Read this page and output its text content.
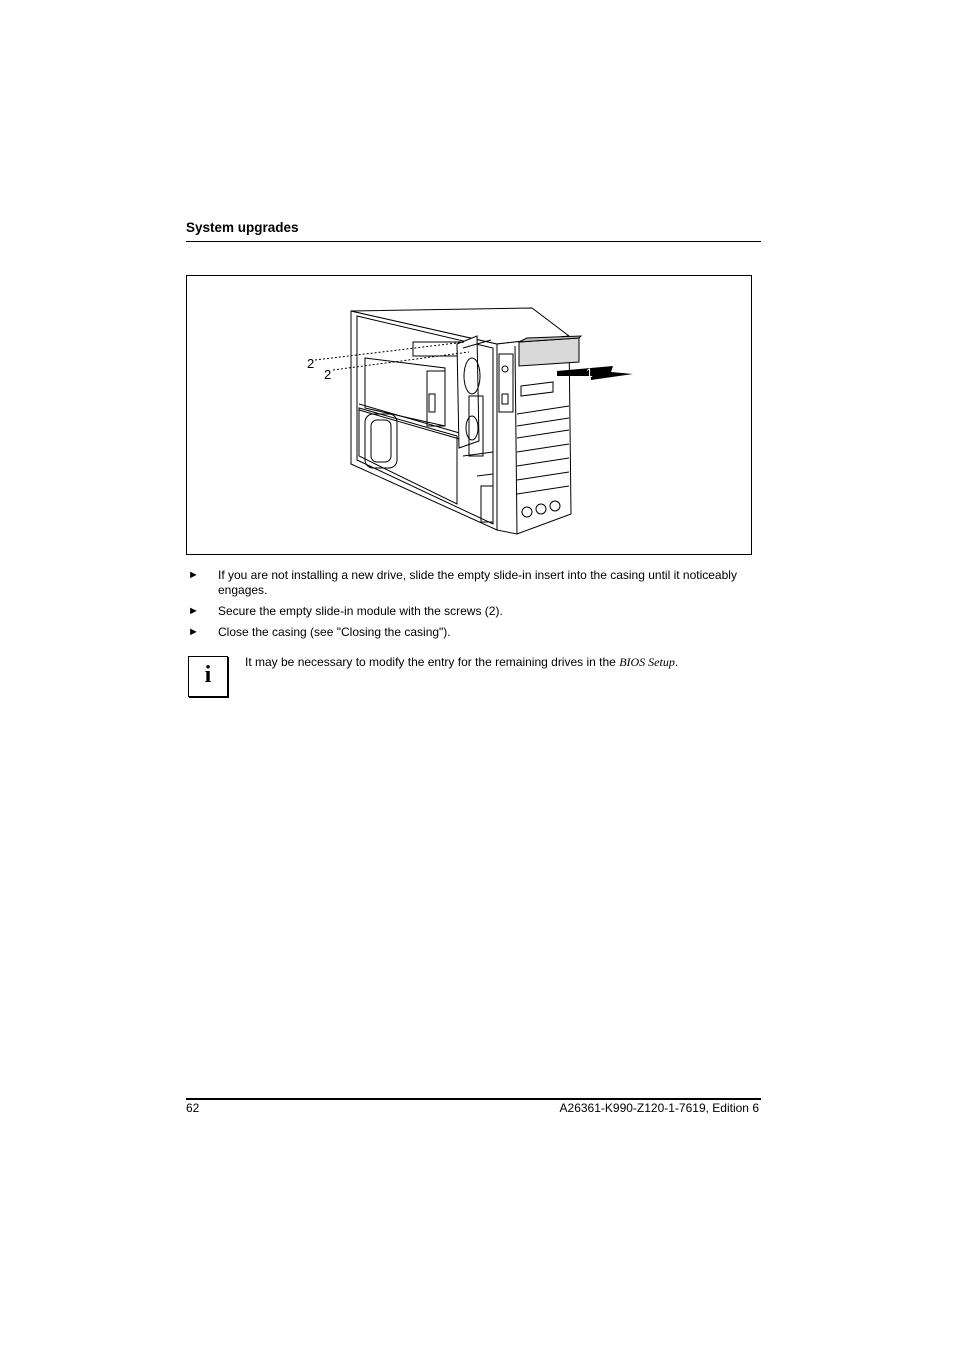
System upgrades
2
2	1
► If you are not installing a new drive, slide the empty slide-in insert into the casing until it noticeably engages.
► Secure the empty slide-in module with the screws (2).
► Close the casing (see "Closing the casing").
i	It may be necessary to modify the entry for the remaining drives in the BIOS Setup.
62	A26361-K990-Z120-1-7619, Edition 6
